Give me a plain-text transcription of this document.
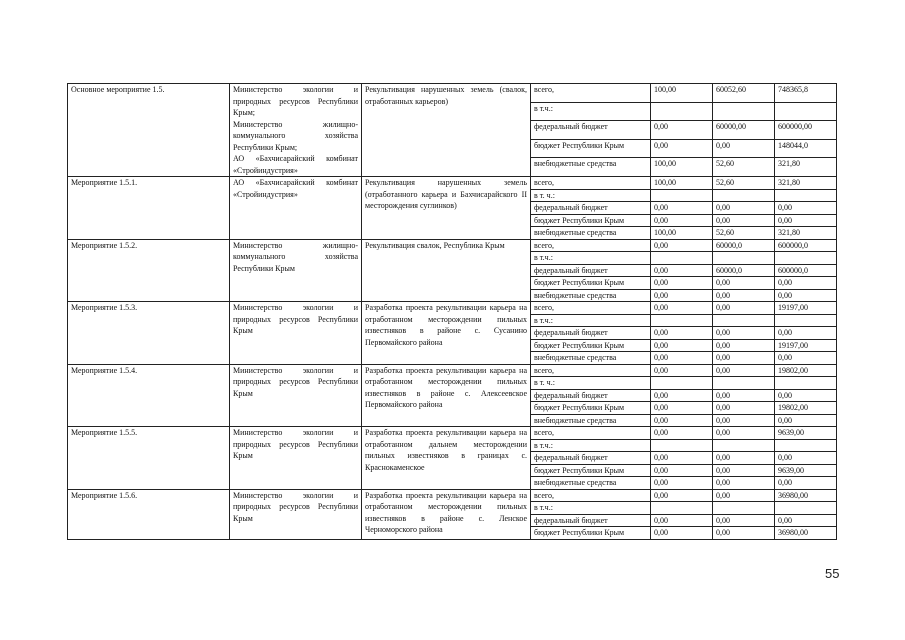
Основное мероприятие 1.5.	Министерство экологии и природных ресурсов Республики Крым;
Министерство жилищно-коммунального хозяйства Республики Крым;
АО «Бахчисарайский комбинат «Стройиндустрия»	Рекультивация нарушенных земель (свалок, отработанных карьеров)	всего,	100,00	60052,60	748365,8
			в т.ч.:			
			федеральный бюджет	0,00	60000,00	600000,00
			бюджет Республики Крым	0,00	0,00	148044,0
			внебюджетные средства	100,00	52,60	321,80
Мероприятие 1.5.1.	АО «Бахчисарайский комбинат «Стройиндустрия»	Рекультивация нарушенных земель (отработанного карьера и Бахчисарайского II месторождения суглинков)	всего,	100,00	52,60	321,80
			в т. ч.:			
			федеральный бюджет	0,00	0,00	0,00
			бюджет Республики Крым	0,00	0,00	0,00
			внебюджетные средства	100,00	52,60	321,80
Мероприятие 1.5.2.	Министерство жилищно-коммунального хозяйства Республики Крым	Рекультивация свалок, Республика Крым	всего,	0,00	60000,0	600000,0
			в т.ч.:			
			федеральный бюджет	0,00	60000,0	600000,0
			бюджет Республики Крым	0,00	0,00	0,00
			внебюджетные средства	0,00	0,00	0,00
Мероприятие 1.5.3.	Министерство экологии и природных ресурсов Республики Крым	Разработка проекта рекультивации карьера на отработанном месторождении пильных известняков в районе с. Сусанино Первомайского района	всего,	0,00	0,00	19197,00
			в т.ч.:			
			федеральный бюджет	0,00	0,00	0,00
			бюджет Республики Крым	0,00	0,00	19197,00
			внебюджетные средства	0,00	0,00	0,00
Мероприятие 1.5.4.	Министерство экологии и природных ресурсов Республики Крым	Разработка проекта рекультивации карьера на отработанном месторождении пильных известняков в районе с. Алексеевское Первомайского района	всего,	0,00	0,00	19802,00
			в т. ч.:			
			федеральный бюджет	0,00	0,00	0,00
			бюджет Республики Крым	0,00	0,00	19802,00
			внебюджетные средства	0,00	0,00	0,00
Мероприятие 1.5.5.	Министерство экологии и природных ресурсов Республики Крым	Разработка проекта рекультивации карьера на отработанном дальнем месторождении пильных известняков в границах с. Краснокаменское	всего,	0,00	0,00	9639,00
			в т.ч.:			
			федеральный бюджет	0,00	0,00	0,00
			бюджет Республики Крым	0,00	0,00	9639,00
			внебюджетные средства	0,00	0,00	0,00
Мероприятие 1.5.6.	Министерство экологии и природных ресурсов Республики Крым	Разработка проекта рекультивации карьера на отработанном месторождении пильных известняков в районе с. Ленское Черноморского района	всего,	0,00	0,00	36980,00
			в т.ч.:			
			федеральный бюджет	0,00	0,00	0,00
			бюджет Республики Крым	0,00	0,00	36980,00
55
